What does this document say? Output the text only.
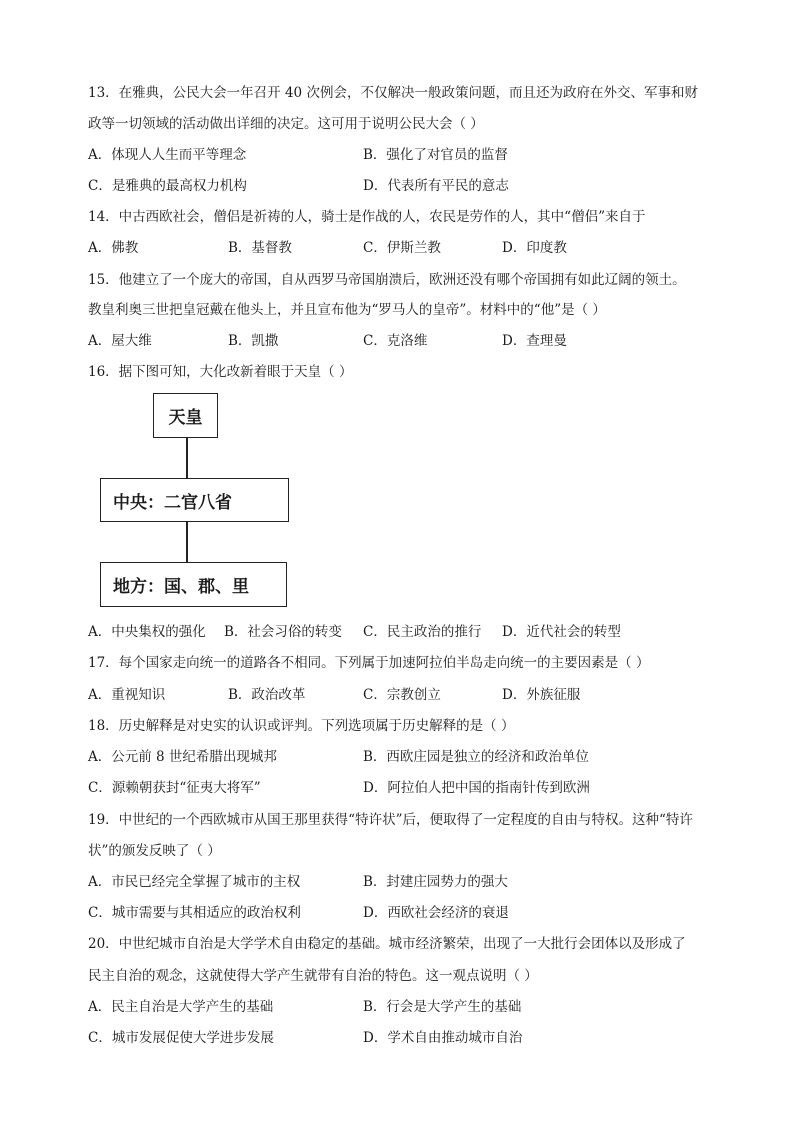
13．在雅典，公民大会一年召开 40 次例会，不仅解决一般政策问题，而且还为政府在外交、军事和财
政等一切领域的活动做出详细的决定。这可用于说明公民大会（ ）
A．体现人人生而平等理念	B．强化了对官员的监督
C．是雅典的最高权力机构	D．代表所有平民的意志
14．中古西欧社会，僧侣是祈祷的人，骑士是作战的人，农民是劳作的人，其中“僧侣”来自于
A．佛教	B．基督教	C．伊斯兰教	D．印度教
15．他建立了一个庞大的帝国，自从西罗马帝国崩溃后，欧洲还没有哪个帝国拥有如此辽阔的领土。
教皇利奥三世把皇冠戴在他头上，并且宣布他为“罗马人的皇帝”。材料中的“他”是（ ）
A．屋大维	B．凯撒	C．克洛维	D．查理曼
16．据下图可知，大化改新着眼于天皇（ ）
天皇
中央：二官八省
地方：国、郡、里
A．中央集权的强化 B．社会习俗的转变 C．民主政治的推行 D．近代社会的转型
17．每个国家走向统一的道路各不相同。下列属于加速阿拉伯半岛走向统一的主要因素是（ ）
A．重视知识	B．政治改革	C．宗教创立	D．外族征服
18．历史解释是对史实的认识或评判。下列选项属于历史解释的是（ ）
A．公元前 8 世纪希腊出现城邦	B．西欧庄园是独立的经济和政治单位
C．源赖朝获封“征夷大将军”	D．阿拉伯人把中国的指南针传到欧洲
19．中世纪的一个西欧城市从国王那里获得“特许状”后，便取得了一定程度的自由与特权。这种“特许
状”的颁发反映了（ ）
A．市民已经完全掌握了城市的主权	B．封建庄园势力的强大
C．城市需要与其相适应的政治权利	D．西欧社会经济的衰退
20．中世纪城市自治是大学学术自由稳定的基础。城市经济繁荣，出现了一大批行会团体以及形成了
民主自治的观念，这就使得大学产生就带有自治的特色。这一观点说明（ ）
A．民主自治是大学产生的基础	B．行会是大学产生的基础
C．城市发展促使大学进步发展	D．学术自由推动城市自治
